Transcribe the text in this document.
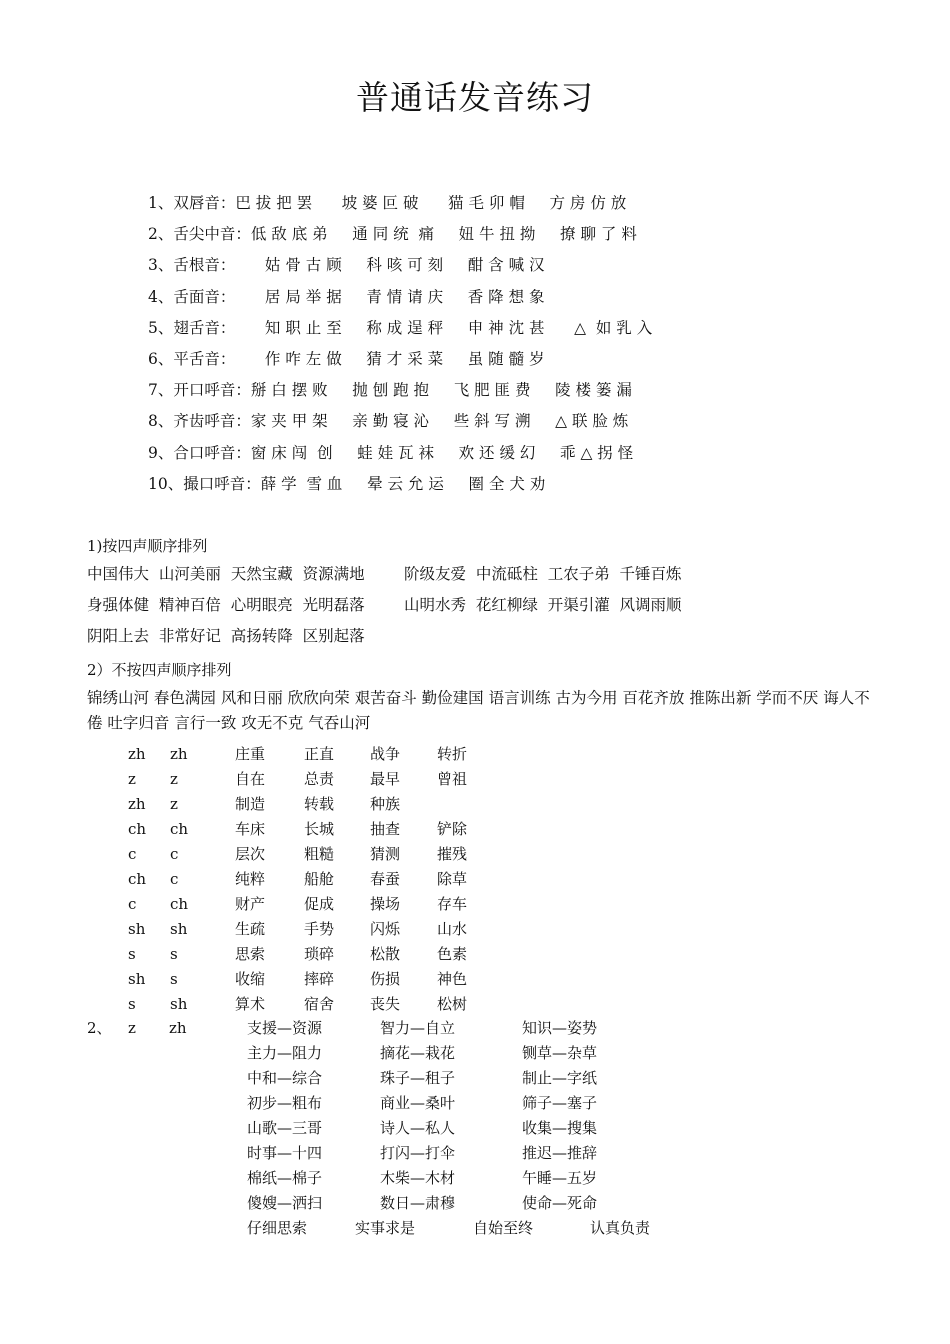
普通话发音练习
1、双唇音：巴 拔 把 罢      坡 婆 叵 破      猫 毛 卯 帽     方 房 仿 放
2、舌尖中音：低 敌 底 弟     通 同 统  痛     妞 牛 扭 拗     撩 聊 了 料
3、舌根音：      姑 骨 古 顾     科 咳 可 刻     酣 含 喊 汉
4、舌面音：      居 局 举 据     青 情 请 庆     香 降 想 象
5、翅舌音：      知 职 止 至     称 成 逞 秤     申 神 沈 甚      △  如 乳 入
6、平舌音：      作 咋 左 做     猜 才 采 菜     虽 随 髓 岁
7、开口呼音：掰 白 摆 败     抛 刨 跑 抱     飞 肥 匪 费     陵 楼 篓 漏
8、齐齿呼音：家 夹 甲 架     亲 勤 寝 沁     些 斜 写 溯     △ 联 脸 炼
9、合口呼音：窗 床 闯  创     蛙 娃 瓦 袜     欢 还 缓 幻     乖 △ 拐 怪
10、撮口呼音：薛 学  雪 血     晕 云 允 运     圈 全 犬 劝
1)按四声顺序排列
中国伟大  山河美丽  天然宝藏  资源满地        阶级友爱  中流砥柱  工农子弟  千锤百炼
身强体健  精神百倍  心明眼亮  光明磊落        山明水秀  花红柳绿  开渠引灌  风调雨顺
阴阳上去  非常好记  高扬转降  区别起落
2）不按四声顺序排列
锦绣山河 春色满园 风和日丽 欣欣向荣 艰苦奋斗 勤俭建国 语言训练 古为今用 百花齐放 推陈出新 学而不厌 诲人不倦 吐字归音 言行一致 攻无不克 气吞山河
zh zh	庄重	正直 战争 转折
z z	自在	总责 最早 曾祖
zh z	制造	转载 种族
ch ch	车床	长城 抽查 铲除
c c	层次	粗糙 猜测 摧残
ch c	纯粹	船舱 春蚕 除草
c ch	财产	促成 操场 存车
sh sh	生疏	手势 闪烁 山水
s s	思索	琐碎 松散 色素
sh s	收缩	摔碎 伤损 神色
s sh	算术	宿舍 丧失 松树
2、 z zh	支援—资源	智力—自立	知识—姿势
主力—阻力	摘花—栽花	铡草—杂草
中和—综合	珠子—租子	制止—字纸
初步—粗布	商业—桑叶	筛子—塞子
山歌—三哥	诗人—私人	收集—搜集
时事—十四	打闪—打伞	推迟—推辞
棉纸—棉子	木柴—木材	午睡—五岁
傻嫂—洒扫	数日—肃穆	使命—死命
仔细思索	实事求是	自始至终	认真负责
